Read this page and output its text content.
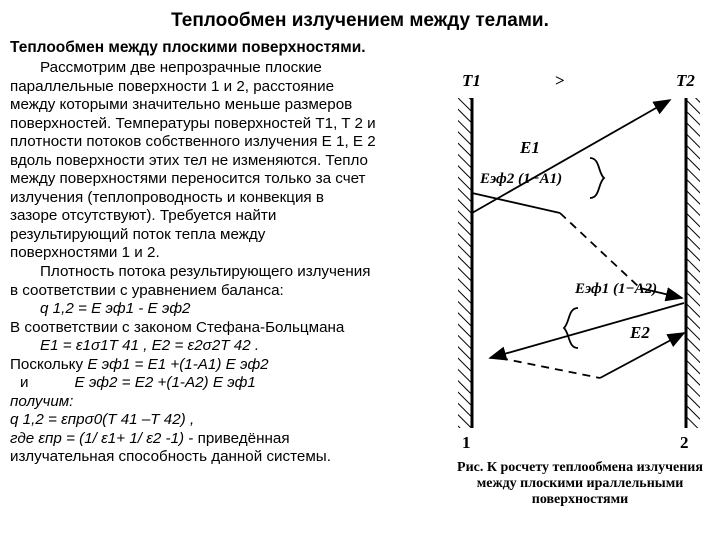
Теплообмен излучением между телами.
Теплообмен между плоскими поверхностями.
Рассмотрим две непрозрачные плоские
параллельные поверхности 1 и 2, расстояние
между которыми значительно меньше размеров
поверхностей. Температуры поверхностей T1, T 2 и
плотности потоков собственного излучения E 1, E 2
вдоль поверхности этих тел не изменяются. Тепло
между поверхностями переносится только за счет
излучения (теплопроводность и конвекция в
зазоре отсутствуют). Требуется найти
результирующий поток тепла между
поверхностями 1 и 2.
Плотность потока результирующего излучения
в соответствии с уравнением баланса:
q 1,2 = E эф1 - E эф2
В соответствии с законом Стефана-Больцмана
E1 = ε1σ1T 41 , E2 = ε2σ2T 42 .
Поскольку E эф1 = E1 +(1-A1) E эф2
и	E эф2 = E2 +(1-A2) E эф1
получим:
q 1,2 = εпрσ0(T 41 –T 42) ,
где εпр = (1/ ε1+ 1/ ε2 -1) - приведённая
излучательная способность данной системы.
T1	T2
>
E1
Eэф2 (1−A1)
Eэф1 (1−A2)
E2
1	2
Рис. К росчету теплообмена излучения
между плоскими ираллельными
поверхностями
